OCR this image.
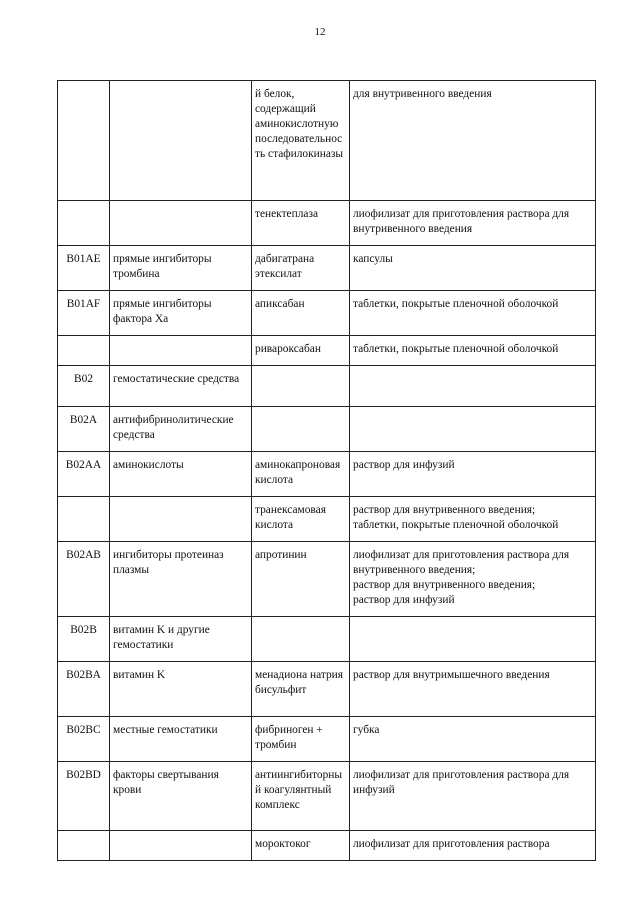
12
		й белок, содержащий аминокислотную последовательность стафилокиназы	для внутривенного введения

		тенектеплаза	лиофилизат для приготовления раствора для внутривенного введения

B01AE	прямые ингибиторы тромбина	дабигатрана этексилат	капсулы

B01AF	прямые ингибиторы фактора Xa	апиксабан	таблетки, покрытые пленочной оболочкой

		ривароксабан	таблетки, покрытые пленочной оболочкой

B02	гемостатические средства		
B02A	антифибринолитические средства		
B02AA	аминокислоты	аминокапроновая кислота	раствор для инфузий

		транексамовая кислота	раствор для внутривенного введения;
таблетки, покрытые пленочной оболочкой

B02AB	ингибиторы протеиназ плазмы	апротинин	лиофилизат для приготовления раствора для внутривенного введения;
раствор для внутривенного введения;
раствор для инфузий

B02B	витамин K и другие гемостатики		
B02BA	витамин K	менадиона натрия бисульфит	раствор для внутримышечного введения

B02BC	местные гемостатики	фибриноген + тромбин	губка

B02BD	факторы свертывания крови	антиингибиторный коагулянтный комплекс	лиофилизат для приготовления раствора для инфузий

		мороктоког	лиофилизат для приготовления раствора
